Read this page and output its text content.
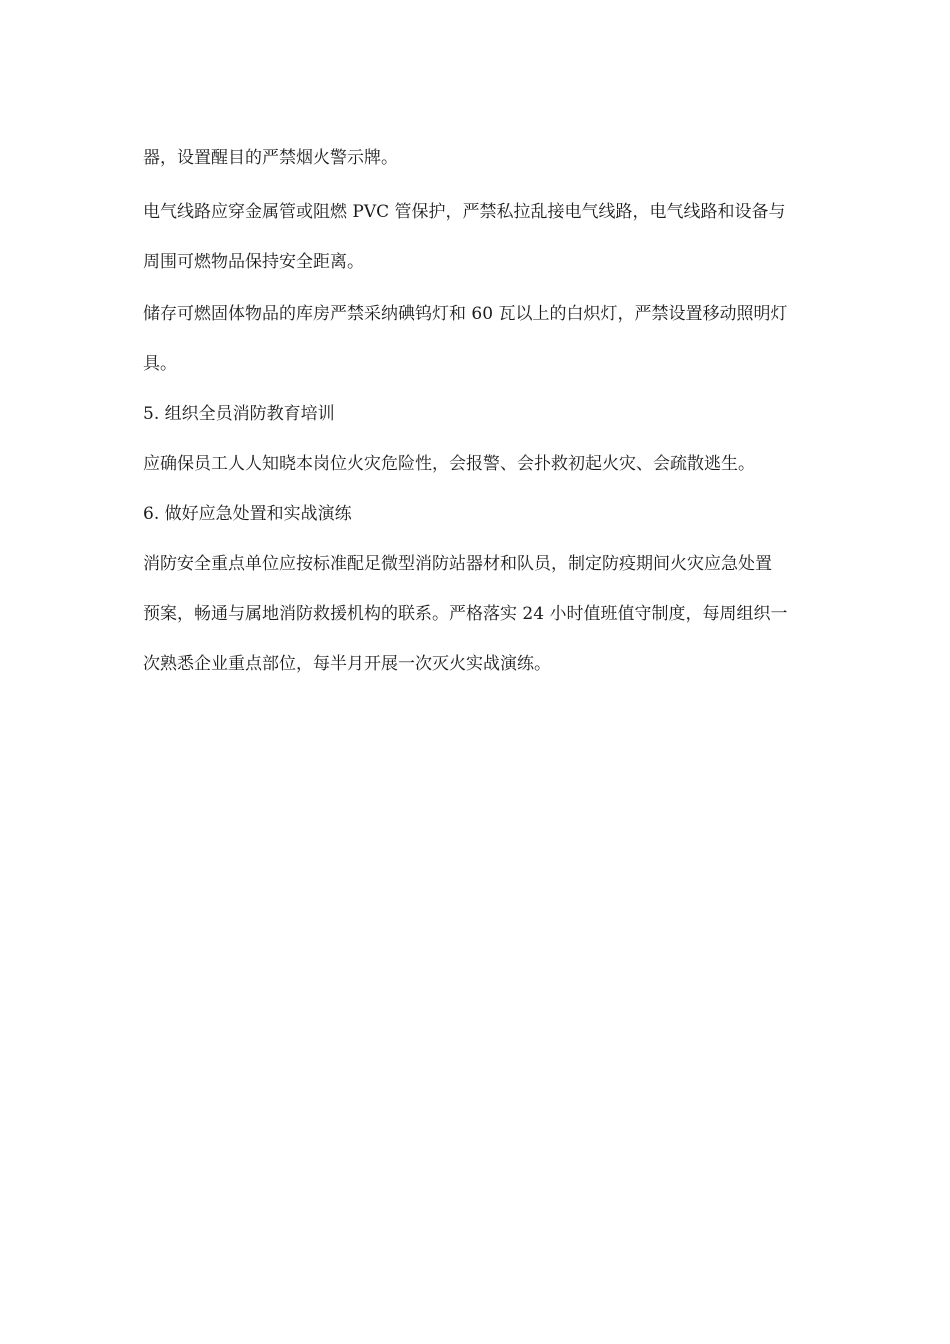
器，设置醒目的严禁烟火警示牌。
电气线路应穿金属管或阻燃 PVC 管保护，严禁私拉乱接电气线路，电气线路和设备与
周围可燃物品保持安全距离。
储存可燃固体物品的库房严禁采纳碘钨灯和 60 瓦以上的白炽灯，严禁设置移动照明灯
具。
5. 组织全员消防教育培训
应确保员工人人知晓本岗位火灾危险性，会报警、会扑救初起火灾、会疏散逃生。
6. 做好应急处置和实战演练
消防安全重点单位应按标准配足微型消防站器材和队员，制定防疫期间火灾应急处置
预案，畅通与属地消防救援机构的联系。严格落实 24 小时值班值守制度，每周组织一
次熟悉企业重点部位，每半月开展一次灭火实战演练。
